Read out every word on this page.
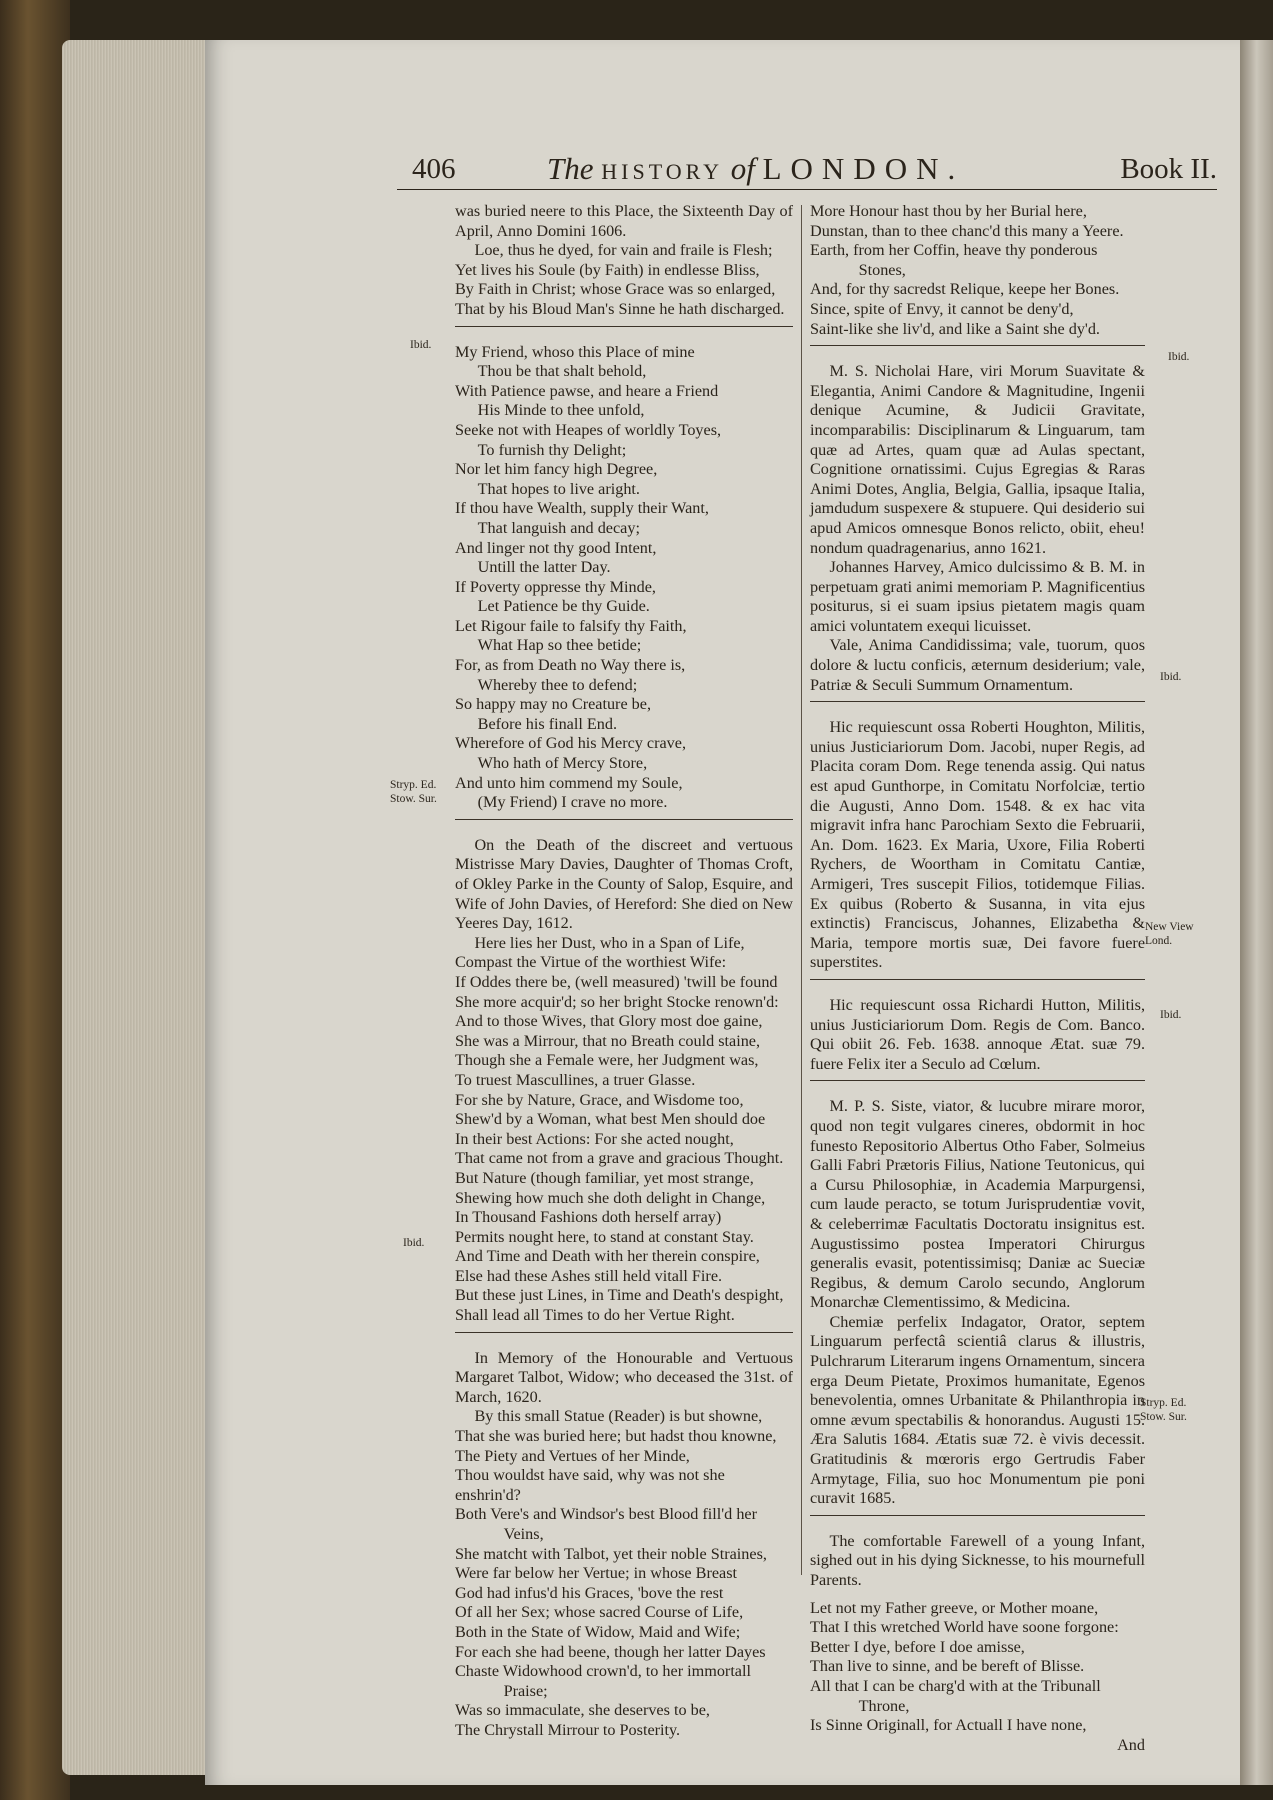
406	The HISTORY of LONDON.	Book II.
Ibid.
Stryp. Ed.
Stow. Sur.
Ibid.
Ibid.
Ibid.
New View
Lond.
Ibid.
Stryp. Ed.
Stow. Sur.

was buried neere to this Place, the Sixteenth Day of April, Anno Domini 1606.

Loe, thus he dyed, for vain and fraile is Flesh;

Yet lives his Soule (by Faith) in endlesse Bliss,

By Faith in Christ; whose Grace was so enlarged,

That by his Bloud Man's Sinne he hath discharged.

My Friend, whoso this Place of mine

Thou be that shalt behold,

With Patience pawse, and heare a Friend

His Minde to thee unfold,

Seeke not with Heapes of worldly Toyes,

To furnish thy Delight;

Nor let him fancy high Degree,

That hopes to live aright.

If thou have Wealth, supply their Want,

That languish and decay;

And linger not thy good Intent,

Untill the latter Day.

If Poverty oppresse thy Minde,

Let Patience be thy Guide.

Let Rigour faile to falsify thy Faith,

What Hap so thee betide;

For, as from Death no Way there is,

Whereby thee to defend;

So happy may no Creature be,

Before his finall End.

Wherefore of God his Mercy crave,

Who hath of Mercy Store,

And unto him commend my Soule,

(My Friend) I crave no more.

On the Death of the discreet and vertuous Mistrisse Mary Davies, Daughter of Thomas Croft, of Okley Parke in the County of Salop, Esquire, and Wife of John Davies, of Hereford: She died on New Yeeres Day, 1612.

Here lies her Dust, who in a Span of Life,

Compast the Virtue of the worthiest Wife:

If Oddes there be, (well measured) 'twill be found

She more acquir'd; so her bright Stocke renown'd:

And to those Wives, that Glory most doe gaine,

She was a Mirrour, that no Breath could staine,

Though she a Female were, her Judgment was,

To truest Mascullines, a truer Glasse.

For she by Nature, Grace, and Wisdome too,

Shew'd by a Woman, what best Men should doe

In their best Actions: For she acted nought,

That came not from a grave and gracious Thought.

But Nature (though familiar, yet most strange,

Shewing how much she doth delight in Change,

In Thousand Fashions doth herself array)

Permits nought here, to stand at constant Stay.

And Time and Death with her therein conspire,

Else had these Ashes still held vitall Fire.

But these just Lines, in Time and Death's despight,

Shall lead all Times to do her Vertue Right.

In Memory of the Honourable and Vertuous Margaret Talbot, Widow; who deceased the 31st. of March, 1620.

By this small Statue (Reader) is but showne,

That she was buried here; but hadst thou knowne,

The Piety and Vertues of her Minde,

Thou wouldst have said, why was not she enshrin'd?

Both Vere's and Windsor's best Blood fill'd her

Veins,

She matcht with Talbot, yet their noble Straines,

Were far below her Vertue; in whose Breast

God had infus'd his Graces, 'bove the rest

Of all her Sex; whose sacred Course of Life,

Both in the State of Widow, Maid and Wife;

For each she had beene, though her latter Dayes

Chaste Widowhood crown'd, to her immortall

Praise;

Was so immaculate, she deserves to be,

The Chrystall Mirrour to Posterity.

More Honour hast thou by her Burial here,

Dunstan, than to thee chanc'd this many a Yeere.

Earth, from her Coffin, heave thy ponderous

Stones,

And, for thy sacredst Relique, keepe her Bones.

Since, spite of Envy, it cannot be deny'd,

Saint-like she liv'd, and like a Saint she dy'd.

M. S. Nicholai Hare, viri Morum Suavitate & Elegantia, Animi Candore & Magnitudine, Ingenii denique Acumine, & Judicii Gravitate, incomparabilis: Disciplinarum & Linguarum, tam quæ ad Artes, quam quæ ad Aulas spectant, Cognitione ornatissimi. Cujus Egregias & Raras Animi Dotes, Anglia, Belgia, Gallia, ipsaque Italia, jamdudum suspexere & stupuere. Qui desiderio sui apud Amicos omnesque Bonos relicto, obiit, eheu! nondum quadragenarius, anno 1621.

Johannes Harvey, Amico dulcissimo & B. M. in perpetuam grati animi memoriam P. Magnificentius positurus, si ei suam ipsius pietatem magis quam amici voluntatem exequi licuisset.

Vale, Anima Candidissima; vale, tuorum, quos dolore & luctu conficis, æternum desiderium; vale, Patriæ & Seculi Summum Ornamentum.

Hic requiescunt ossa Roberti Houghton, Militis, unius Justiciariorum Dom. Jacobi, nuper Regis, ad Placita coram Dom. Rege tenenda assig. Qui natus est apud Gunthorpe, in Comitatu Norfolciæ, tertio die Augusti, Anno Dom. 1548. & ex hac vita migravit infra hanc Parochiam Sexto die Februarii, An. Dom. 1623. Ex Maria, Uxore, Filia Roberti Rychers, de Woortham in Comitatu Cantiæ, Armigeri, Tres suscepit Filios, totidemque Filias. Ex quibus (Roberto & Susanna, in vita ejus extinctis) Franciscus, Johannes, Elizabetha & Maria, tempore mortis suæ, Dei favore fuere superstites.

Hic requiescunt ossa Richardi Hutton, Militis, unius Justiciariorum Dom. Regis de Com. Banco. Qui obiit 26. Feb. 1638. annoque Ætat. suæ 79. fuere Felix iter a Seculo ad Cœlum.

M. P. S. Siste, viator, & lucubre mirare moror, quod non tegit vulgares cineres, obdormit in hoc funesto Repositorio Albertus Otho Faber, Solmeius Galli Fabri Prætoris Filius, Natione Teutonicus, qui a Cursu Philosophiæ, in Academia Marpurgensi, cum laude peracto, se totum Jurisprudentiæ vovit, & celeberrimæ Facultatis Doctoratu insignitus est. Augustissimo postea Imperatori Chirurgus generalis evasit, potentissimisq; Daniæ ac Sueciæ Regibus, & demum Carolo secundo, Anglorum Monarchæ Clementissimo, & Medicina.

Chemiæ perfelix Indagator, Orator, septem Linguarum perfectâ scientiâ clarus & illustris, Pulchrarum Literarum ingens Ornamentum, sincera erga Deum Pietate, Proximos humanitate, Egenos benevolentia, omnes Urbanitate & Philanthropia in omne ævum spectabilis & honorandus. Augusti 15. Æra Salutis 1684. Ætatis suæ 72. è vivis decessit. Gratitudinis & mœroris ergo Gertrudis Faber Armytage, Filia, suo hoc Monumentum pie poni curavit 1685.

The comfortable Farewell of a young Infant, sighed out in his dying Sicknesse, to his mournefull Parents.

Let not my Father greeve, or Mother moane,

That I this wretched World have soone forgone:

Better I dye, before I doe amisse,

Than live to sinne, and be bereft of Blisse.

All that I can be charg'd with at the Tribunall

Throne,

Is Sinne Originall, for Actuall I have none,

And
